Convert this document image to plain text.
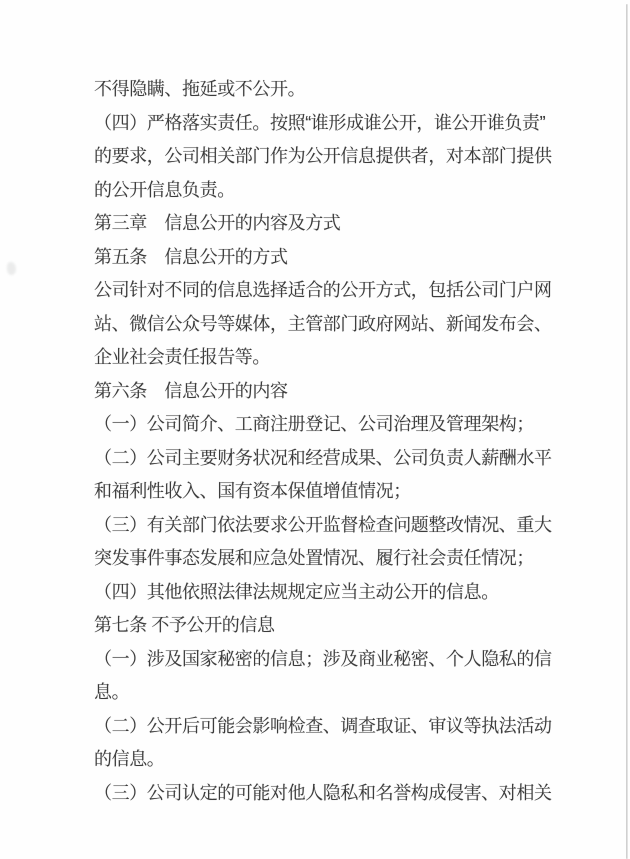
不得隐瞒、拖延或不公开。
（四）严格落实责任。按照“谁形成谁公开，谁公开谁负责”
的要求，公司相关部门作为公开信息提供者，对本部门提供
的公开信息负责。
第三章　信息公开的内容及方式
第五条　信息公开的方式
公司针对不同的信息选择适合的公开方式，包括公司门户网
站、微信公众号等媒体，主管部门政府网站、新闻发布会、
企业社会责任报告等。
第六条　信息公开的内容
（一）公司简介、工商注册登记、公司治理及管理架构；
（二）公司主要财务状况和经营成果、公司负责人薪酬水平
和福利性收入、国有资本保值增值情况；
（三）有关部门依法要求公开监督检查问题整改情况、重大
突发事件事态发展和应急处置情况、履行社会责任情况；
（四）其他依照法律法规规定应当主动公开的信息。
第七条 不予公开的信息
（一）涉及国家秘密的信息；涉及商业秘密、个人隐私的信
息。
（二）公开后可能会影响检查、调查取证、审议等执法活动
的信息。
（三）公司认定的可能对他人隐私和名誉构成侵害、对相关
